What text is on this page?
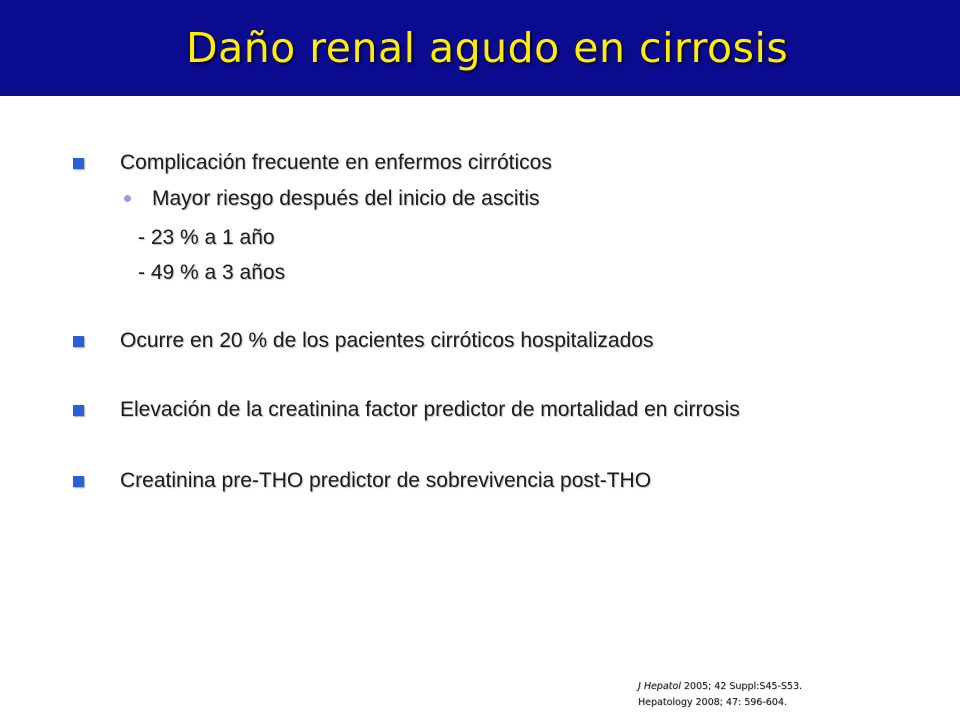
Daño renal agudo en cirrosis
Complicación frecuente en enfermos cirróticos
Mayor riesgo después del inicio de ascitis
- 23 % a 1 año
- 49 % a 3 años
Ocurre en 20 % de los pacientes cirróticos hospitalizados
Elevación de la creatinina factor predictor de mortalidad en cirrosis
Creatinina pre-THO predictor de sobrevivencia post-THO
J Hepatol 2005; 42 Suppl:S45-S53.
Hepatology 2008; 47: 596-604.
